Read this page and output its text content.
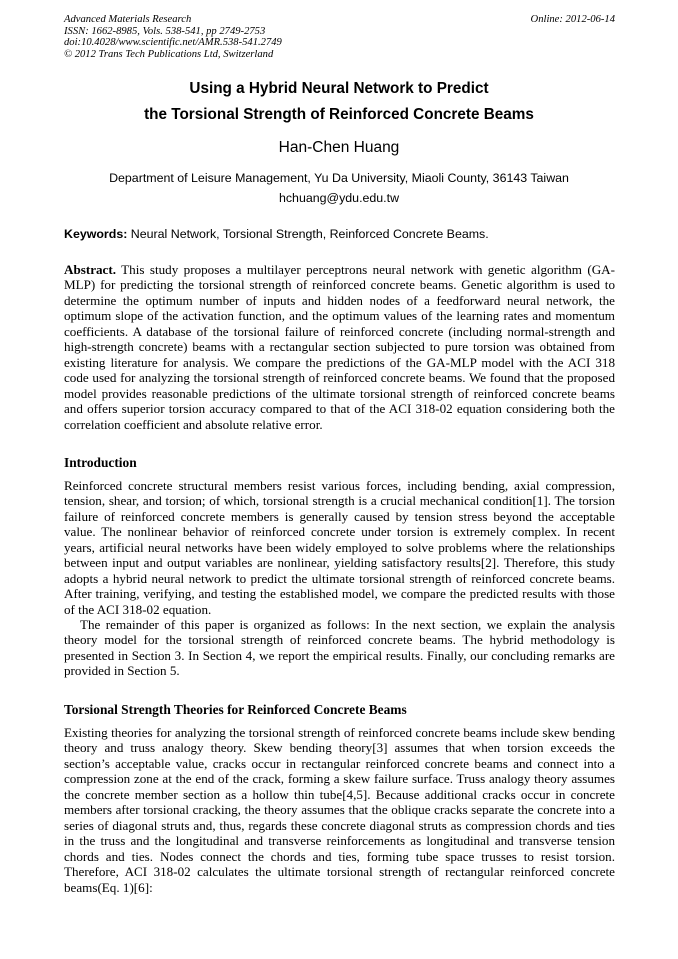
Advanced Materials Research
ISSN: 1662-8985, Vols. 538-541, pp 2749-2753
doi:10.4028/www.scientific.net/AMR.538-541.2749
© 2012 Trans Tech Publications Ltd, Switzerland
Online: 2012-06-14
Using a Hybrid Neural Network to Predict
the Torsional Strength of Reinforced Concrete Beams
Han-Chen Huang
Department of Leisure Management, Yu Da University, Miaoli County, 36143 Taiwan
hchuang@ydu.edu.tw
Keywords: Neural Network, Torsional Strength, Reinforced Concrete Beams.

Abstract. This study proposes a multilayer perceptrons neural network with genetic algorithm (GA-MLP) for predicting the torsional strength of reinforced concrete beams. Genetic algorithm is used to determine the optimum number of inputs and hidden nodes of a feedforward neural network, the optimum slope of the activation function, and the optimum values of the learning rates and momentum coefficients. A database of the torsional failure of reinforced concrete (including normal-strength and high-strength concrete) beams with a rectangular section subjected to pure torsion was obtained from existing literature for analysis. We compare the predictions of the GA-MLP model with the ACI 318 code used for analyzing the torsional strength of reinforced concrete beams. We found that the proposed model provides reasonable predictions of the ultimate torsional strength of reinforced concrete beams and offers superior torsion accuracy compared to that of the ACI 318-02 equation considering both the correlation coefficient and absolute relative error.

Introduction

Reinforced concrete structural members resist various forces, including bending, axial compression, tension, shear, and torsion; of which, torsional strength is a crucial mechanical condition[1]. The torsion failure of reinforced concrete members is generally caused by tension stress beyond the acceptable value. The nonlinear behavior of reinforced concrete under torsion is extremely complex. In recent years, artificial neural networks have been widely employed to solve problems where the relationships between input and output variables are nonlinear, yielding satisfactory results[2]. Therefore, this study adopts a hybrid neural network to predict the ultimate torsional strength of reinforced concrete beams. After training, verifying, and testing the established model, we compare the predicted results with those of the ACI 318-02 equation.

The remainder of this paper is organized as follows: In the next section, we explain the analysis theory model for the torsional strength of reinforced concrete beams. The hybrid methodology is presented in Section 3. In Section 4, we report the empirical results. Finally, our concluding remarks are provided in Section 5.

Torsional Strength Theories for Reinforced Concrete Beams

Existing theories for analyzing the torsional strength of reinforced concrete beams include skew bending theory and truss analogy theory. Skew bending theory[3] assumes that when torsion exceeds the section’s acceptable value, cracks occur in rectangular reinforced concrete beams and connect into a compression zone at the end of the crack, forming a skew failure surface. Truss analogy theory assumes the concrete member section as a hollow thin tube[4,5]. Because additional cracks occur in concrete members after torsional cracking, the theory assumes that the oblique cracks separate the concrete into a series of diagonal struts and, thus, regards these concrete diagonal struts as compression chords and ties in the truss and the longitudinal and transverse reinforcements as longitudinal and transverse tension chords and ties. Nodes connect the chords and ties, forming tube space trusses to resist torsion. Therefore, ACI 318-02 calculates the ultimate torsional strength of rectangular reinforced concrete beams(Eq. 1)[6]:
